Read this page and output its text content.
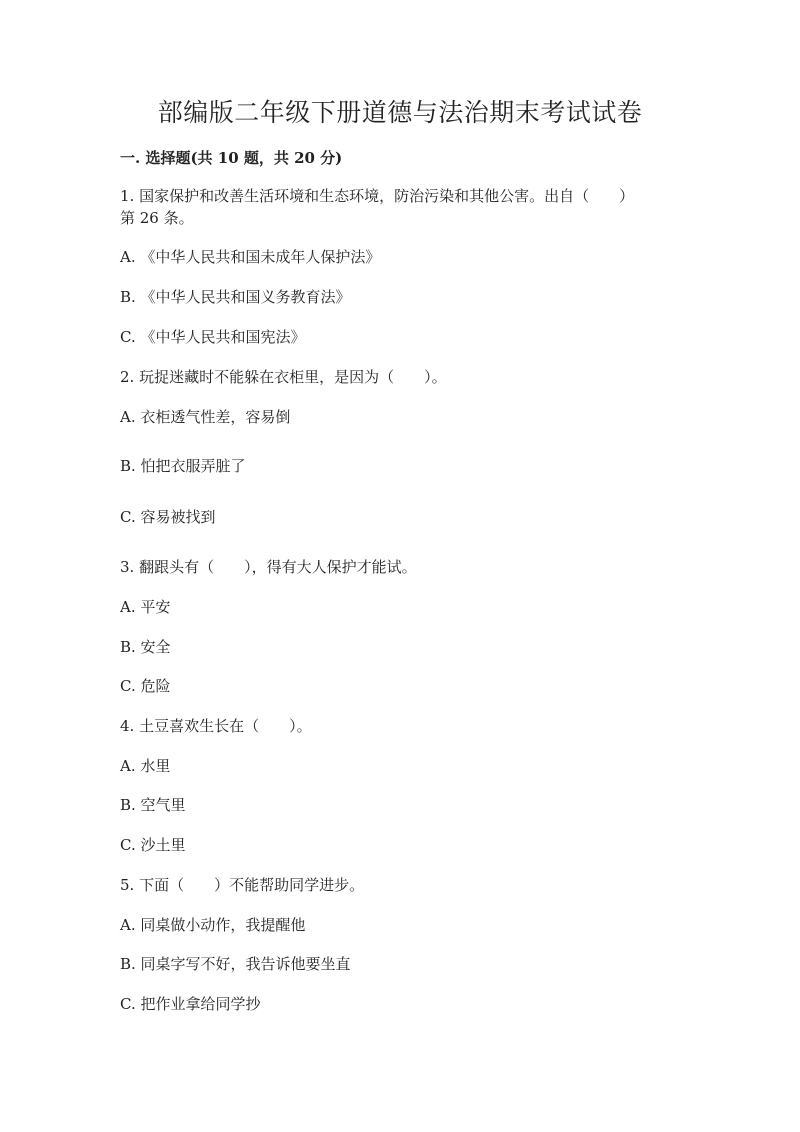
部编版二年级下册道德与法治期末考试试卷

一. 选择题(共 10 题，共 20 分)

1. 国家保护和改善生活环境和生态环境，防治污染和其他公害。出自（　　）

第 26 条。

A. 《中华人民共和国未成年人保护法》

B. 《中华人民共和国义务教育法》

C. 《中华人民共和国宪法》

2. 玩捉迷藏时不能躲在衣柜里，是因为（　　）。

A. 衣柜透气性差，容易倒

B. 怕把衣服弄脏了

C. 容易被找到

3. 翻跟头有（　　），得有大人保护才能试。

A. 平安

B. 安全

C. 危险

4. 土豆喜欢生长在（　　）。

A. 水里

B. 空气里

C. 沙土里

5. 下面（　　）不能帮助同学进步。

A. 同桌做小动作，我提醒他

B. 同桌字写不好，我告诉他要坐直

C. 把作业拿给同学抄
